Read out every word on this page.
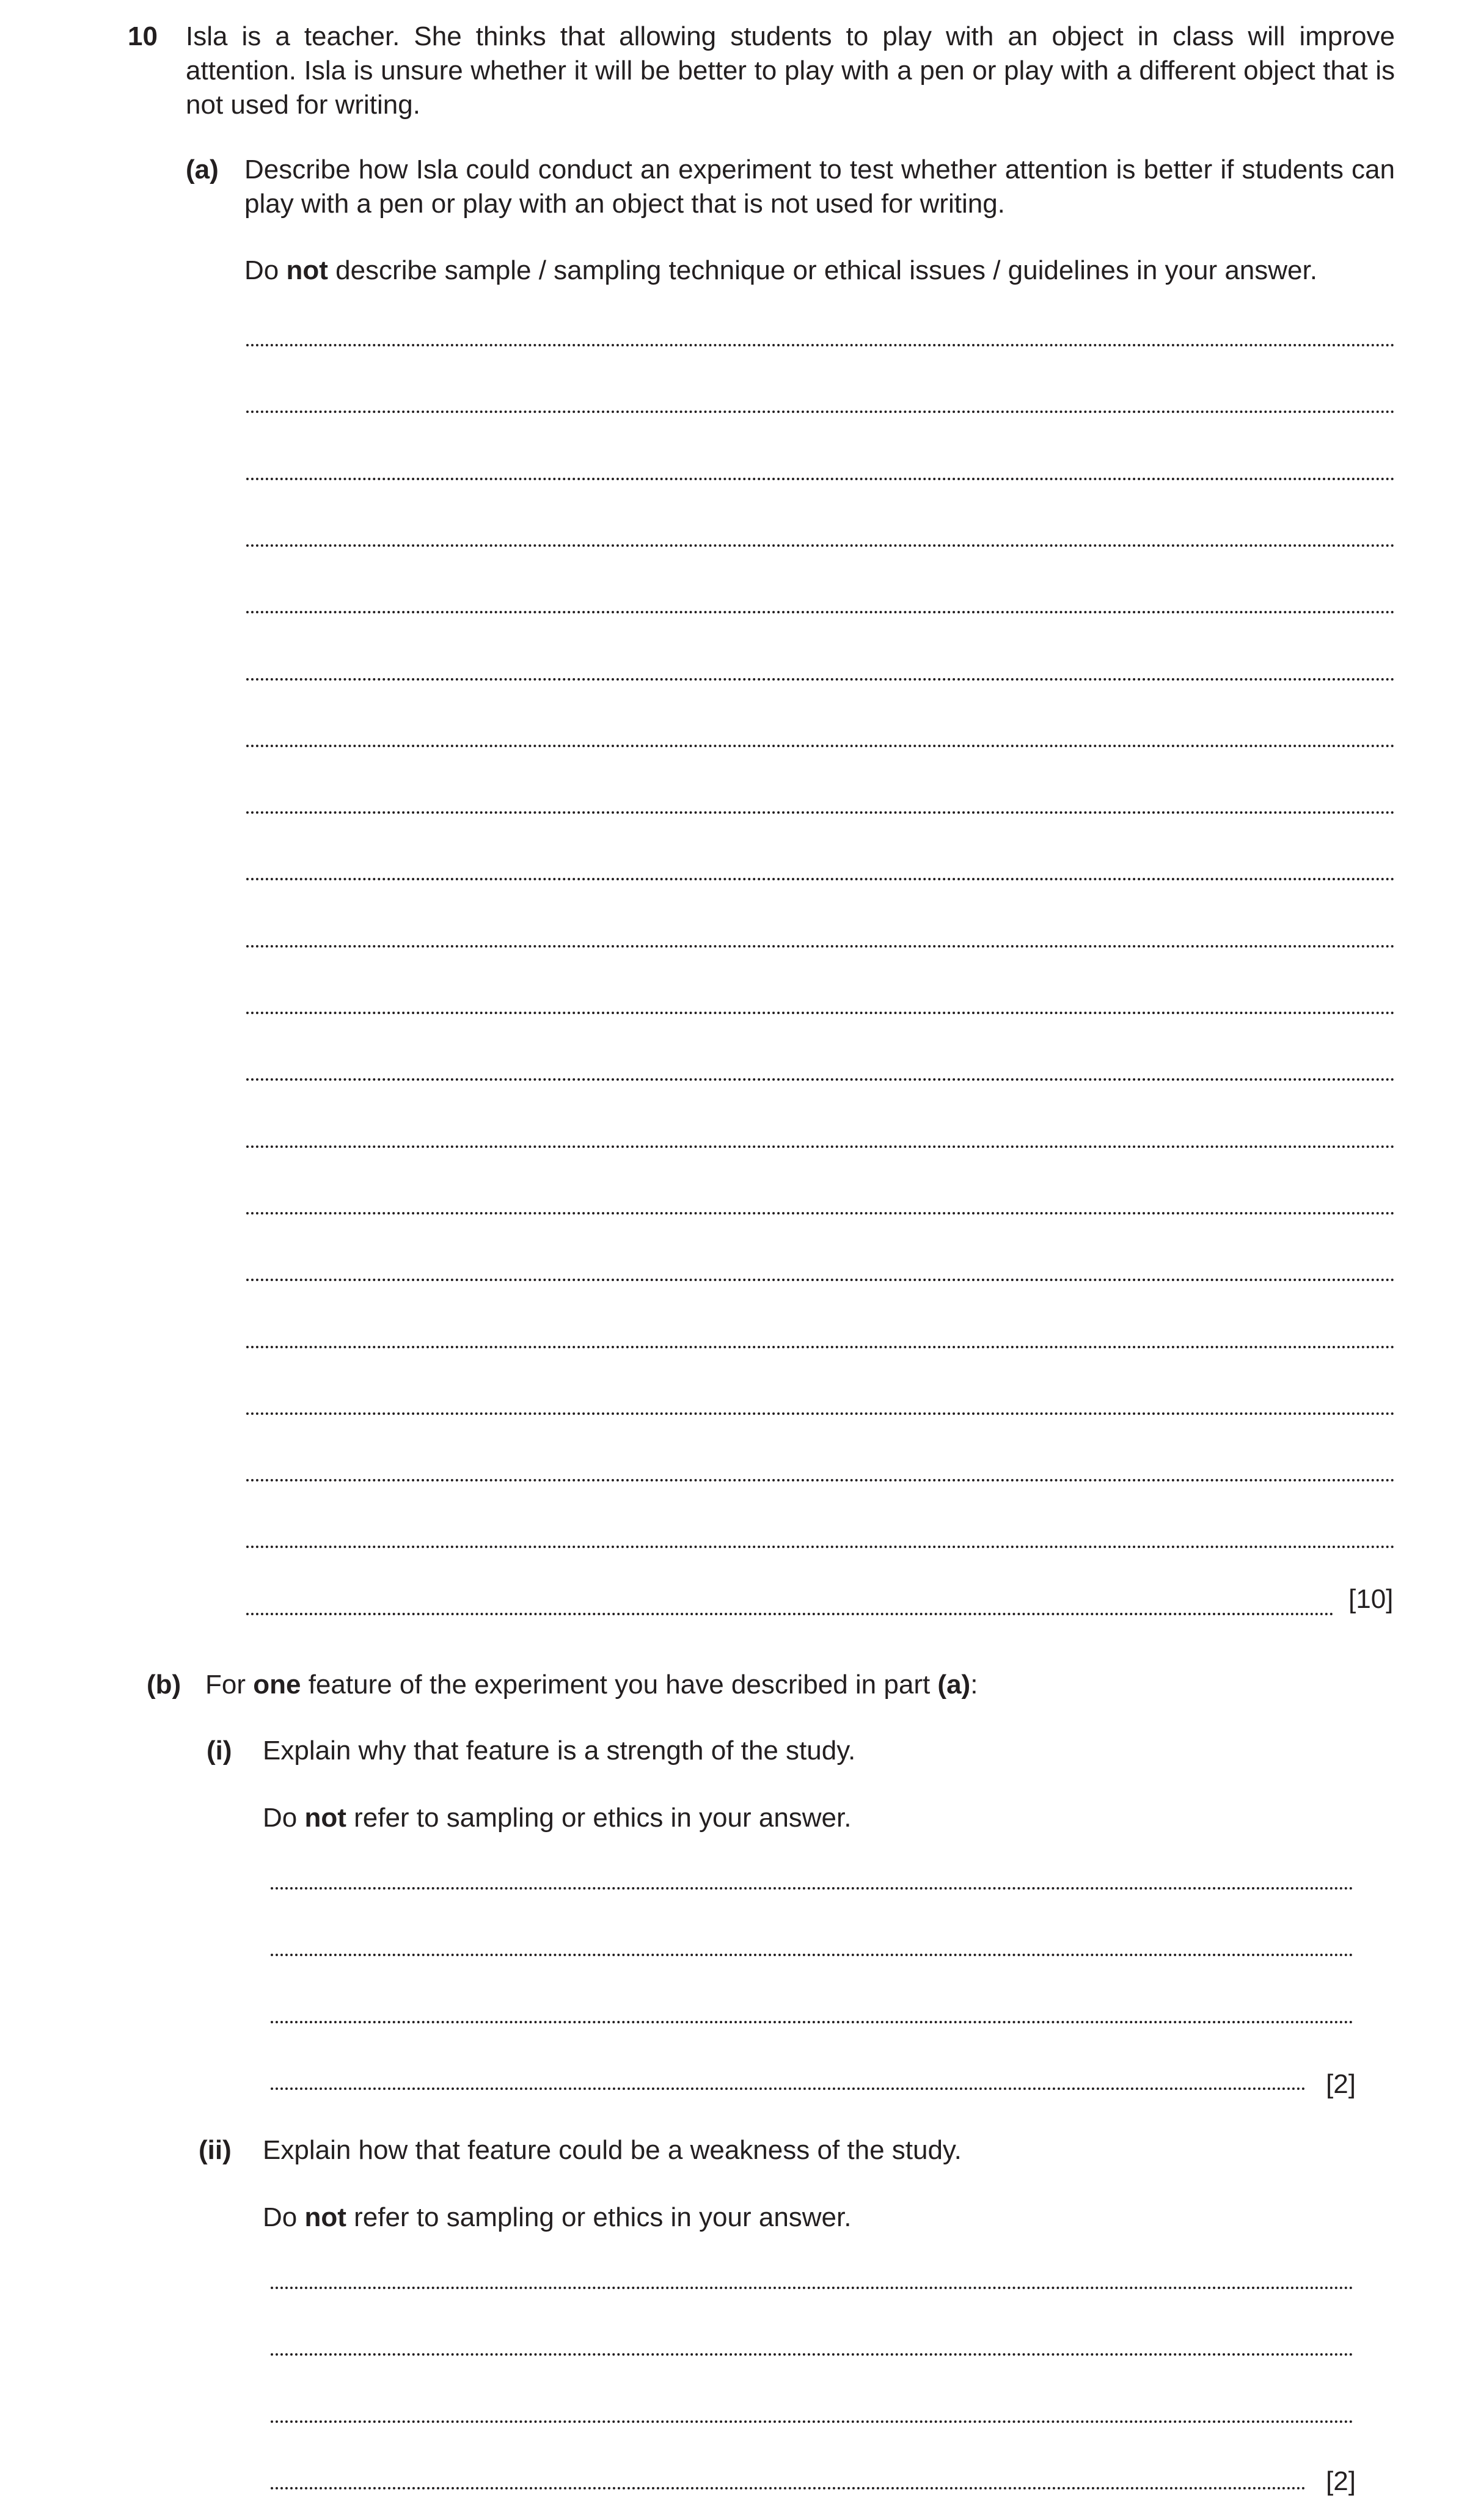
10 Isla is a teacher. She thinks that allowing students to play with an object in class will improve attention. Isla is unsure whether it will be better to play with a pen or play with a different object that is not used for writing.
(a) Describe how Isla could conduct an experiment to test whether attention is better if students can play with a pen or play with an object that is not used for writing.
Do not describe sample / sampling technique or ethical issues / guidelines in your answer.
[10]
(b) For one feature of the experiment you have described in part (a):
(i) Explain why that feature is a strength of the study.
Do not refer to sampling or ethics in your answer.
[2]
(ii) Explain how that feature could be a weakness of the study.
Do not refer to sampling or ethics in your answer.
[2]
